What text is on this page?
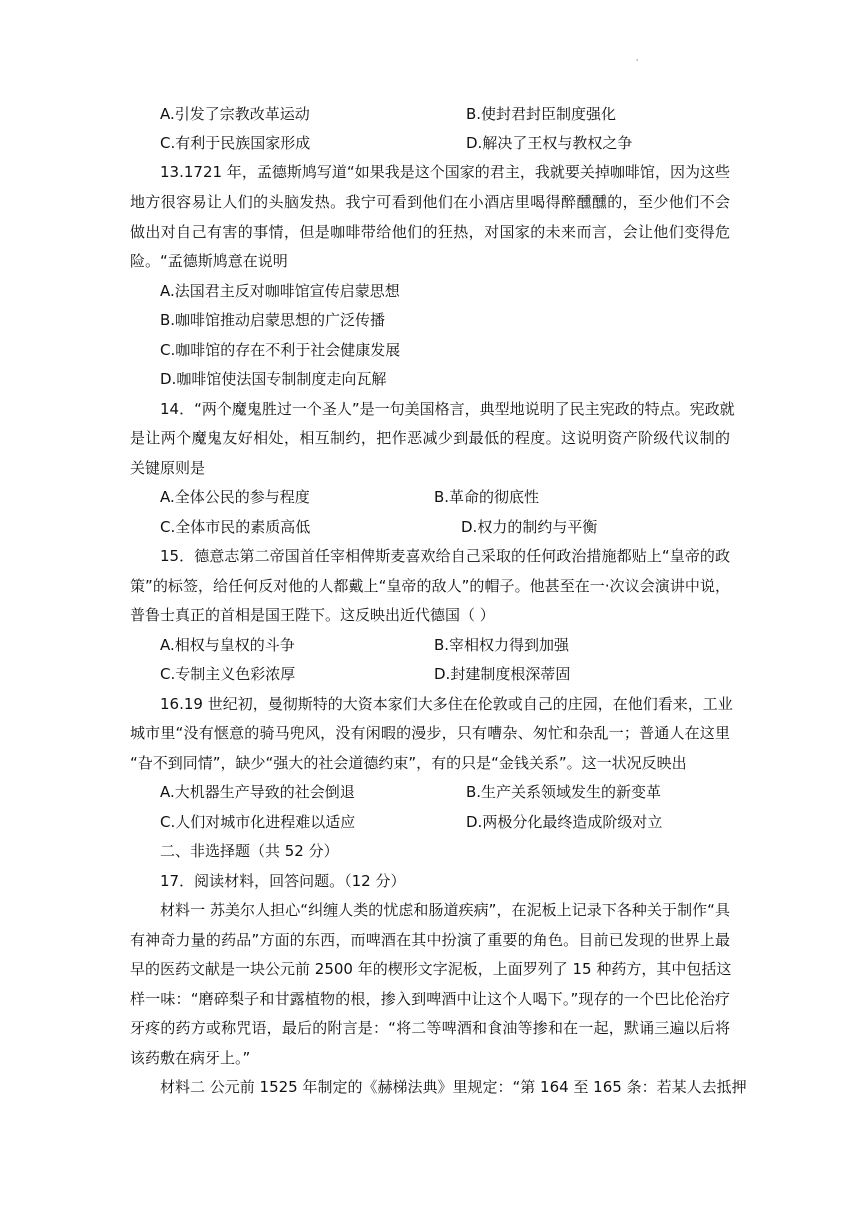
'
A.引发了宗教改革运动	B.使封君封臣制度强化
C.有利于民族国家形成	D.解决了王权与教权之争
13.1721 年，孟德斯鸠写道“如果我是这个国家的君主，我就要关掉咖啡馆，因为这些
地方很容易让人们的头脑发热。我宁可看到他们在小酒店里喝得醉醺醺的，至少他们不会
做出对自己有害的事情，但是咖啡带给他们的狂热，对国家的未来而言，会让他们变得危
险。“孟德斯鸠意在说明
A.法国君主反对咖啡馆宣传启蒙思想
B.咖啡馆推动启蒙思想的广泛传播
C.咖啡馆的存在不利于社会健康发展
D.咖啡馆使法国专制制度走向瓦解
14．“两个魔鬼胜过一个圣人”是一句美国格言，典型地说明了民主宪政的特点。宪政就
是让两个魔鬼友好相处，相互制约，把作恶减少到最低的程度。这说明资产阶级代议制的
关键原则是
A.全体公民的参与程度	B.革命的彻底性
C.全体市民的素质高低	D.权力的制约与平衡
15．德意志第二帝国首任宰相俾斯麦喜欢给自己采取的任何政治措施都贴上“皇帝的政
策”的标签，给任何反对他的人都戴上“皇帝的敌人”的帽子。他甚至在一·次议会演讲中说，
普鲁士真正的首相是国王陛下。这反映出近代德国（ ）
A.相权与皇权的斗争	B.宰相权力得到加强
C.专制主义色彩浓厚	D.封建制度根深蒂固
16.19 世纪初，曼彻斯特的大资本家们大多住在伦敦或自己的庄园，在他们看来，工业
城市里“没有惬意的骑马兜风，没有闲暇的漫步，只有嘈杂、匆忙和杂乱一；普通人在这里
“旮不到同情”，缺少“强大的社会道德约束”，有的只是“金钱关系”。这一状况反映出
A.大机器生产导致的社会倒退	B.生产关系领域发生的新变革
C.人们对城市化进程难以适应	D.两极分化最终造成阶级对立
二、非选择题（共 52 分）
17．阅读材料，回答问题。（12 分）
材料一 苏美尔人担心“纠缠人类的忧虑和肠道疾病”，在泥板上记录下各种关于制作“具
有神奇力量的药品”方面的东西，而啤酒在其中扮演了重要的角色。目前已发现的世界上最
早的医药文献是一块公元前 2500 年的楔形文字泥板，上面罗列了 15 种药方，其中包括这
样一味：“磨碎梨子和甘露植物的根，掺入到啤酒中让这个人喝下。”现存的一个巴比伦治疗
牙疼的药方或称咒语，最后的附言是：“将二等啤酒和食油等掺和在一起，默诵三遍以后将
该药敷在病牙上。”
材料二 公元前 1525 年制定的《赫梯法典》里规定：“第 164 至 165 条：若某人去抵押
